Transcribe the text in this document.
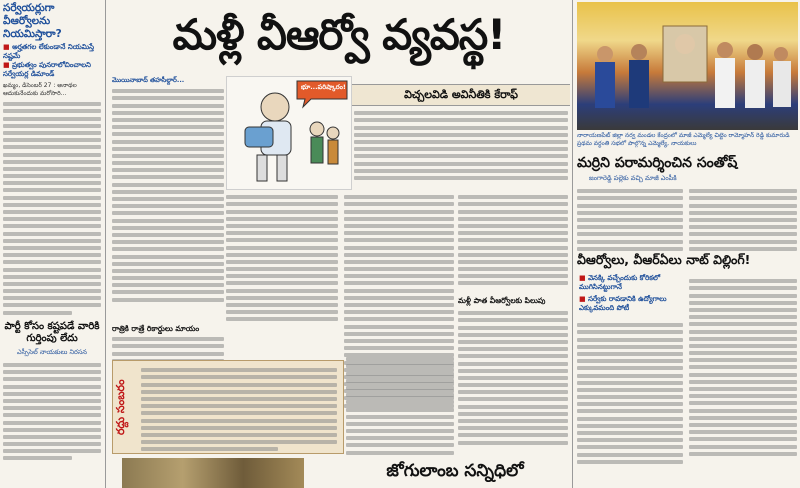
సర్వేయర్లుగా వీఆర్వోలను నియమిస్తారా?
■ అర్హతగల లేకుండానే నియమిస్తే నష్టమే
■ ప్రభుత్వం పునరాలోచించాలని సర్వేయర్ల డిమాండ్
ఖమ్మం, డిసెంబర్ 27 : అనాథల ఆదుకునేందుకు మరోసారి...
పార్టీ కోసం కష్టపడే వారికి గుర్తింపు లేదు
ఎస్సీసెల్ నాయకులు నిరసన
మళ్లీ వీఆర్వో వ్యవస్థ!
మొయినాబాద్ తహసీల్దార్...
భూ...పరిష్కారం!
విచ్చలవిడి అవినీతికి కేరాఫ్
మళ్లీ పాత వీఆర్వోలకు పిలుపు
రాత్రికి రాత్రే రికార్డులు మాయం
రద్దు సంబరం
జోగులాంబ సన్నిధిలో
నారాయణపేట్ జిల్లా నర్వ మండల కేంద్రంలో మాజీ ఎమ్మెల్యే చిట్టెం రామ్మోహన్ రెడ్డి కుమారుడి ప్రథమ వర్ధంతి సభలో పాల్గొన్న ఎమ్మెల్యే, నాయకులు
మర్రిని పరామర్శించిన సంతోష్
జంగారెడ్డి పల్లెకు వచ్చి మాజీ ఎంపీకి
వీఆర్వోలు, వీఆర్ఏలు నాట్ విల్లింగ్!
■ వెనక్కి వచ్చేందుకు కోరికలో ముగిసినట్టుగానే
■ సర్వేకు రావడానికి ఉద్యోగాలు ఎక్కువమంది పోటీ
